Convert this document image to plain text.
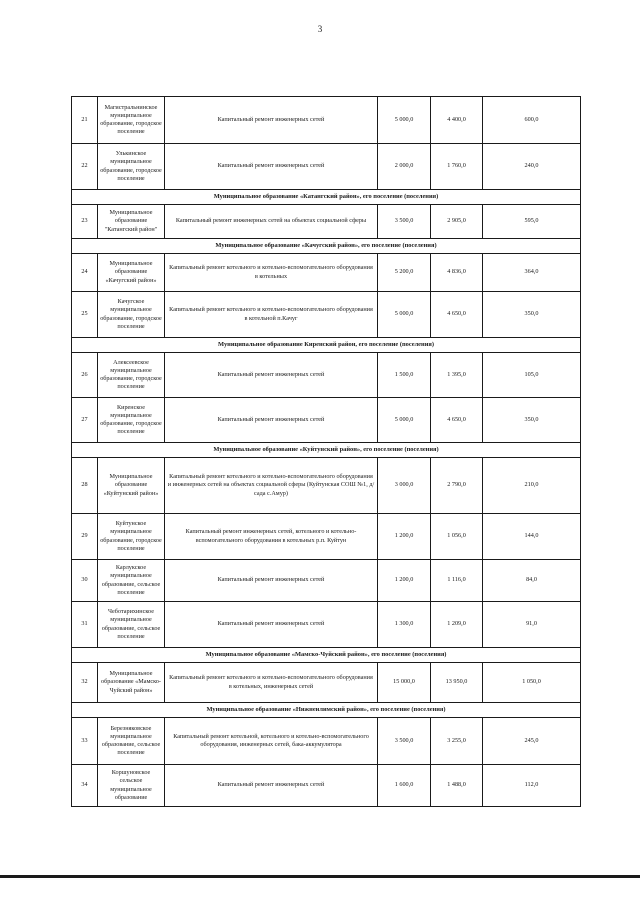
3
21	Магистральнинское муниципальное образование, городское поселение	Капитальный ремонт инженерных сетей	5 000,0	4 400,0	600,0
22	Улькинское муниципальное образование, городское поселение	Капитальный ремонт инженерных сетей	2 000,0	1 760,0	240,0
Муниципальное образование «Катангский район», его поселение (поселения)					
23	Муниципальное образование "Катангский район"	Капитальный ремонт инженерных сетей на объектах социальной сферы	3 500,0	2 905,0	595,0
Муниципальное образование «Качугский район», его поселение (поселения)					
24	Муниципальное образование «Качугский район»	Капитальный ремонт котельного и котельно-вспомогательного оборудования в котельных	5 200,0	4 836,0	364,0
25	Качугское муниципальное образование, городское поселение	Капитальный ремонт котельного и котельно-вспомогательного оборудования в котельной п.Качуг	5 000,0	4 650,0	350,0
Муниципальное образование Киренский район, его поселение (поселения)					
26	Алексеевское муниципальное образование, городское поселение	Капитальный ремонт инженерных сетей	1 500,0	1 395,0	105,0
27	Киренское муниципальное образование, городское поселение	Капитальный ремонт инженерных сетей	5 000,0	4 650,0	350,0
Муниципальное образование «Куйтунский район», его поселение (поселения)					
28	Муниципальное образование «Куйтунский район»	Капитальный ремонт котельного и котельно-вспомогательного оборудования и инженерных сетей на объектах социальной сферы (Куйтунская СОШ №1, д/сада с.Амур)	3 000,0	2 790,0	210,0
29	Куйтунское муниципальное образование, городское поселение	Капитальный ремонт инженерных сетей, котельного и котельно-вспомогательного оборудования в котельных р.п. Куйтун	1 200,0	1 056,0	144,0
30	Карлукское муниципальное образование, сельское поселение	Капитальный ремонт инженерных сетей	1 200,0	1 116,0	84,0
31	Чеботарихинское муниципальное образование, сельское поселение	Капитальный ремонт инженерных сетей	1 300,0	1 209,0	91,0
Муниципальное образование «Мамско-Чуйский район», его поселение (поселения)					
32	Муниципальное образование «Мамско-Чуйский район»	Капитальный ремонт котельного и котельно-вспомогательного оборудования в котельных, инженерных сетей	15 000,0	13 950,0	1 050,0
Муниципальное образование «Нижнеилимский район», его поселение (поселения)					
33	Березняковское муниципальное образование, сельское поселение	Капитальный ремонт котельной, котельного и котельно-вспомогательного оборудования, инженерных сетей, бака-аккумулятора	3 500,0	3 255,0	245,0
34	Коршуновское сельское муниципальное образование	Капитальный ремонт инженерных сетей	1 600,0	1 488,0	112,0
